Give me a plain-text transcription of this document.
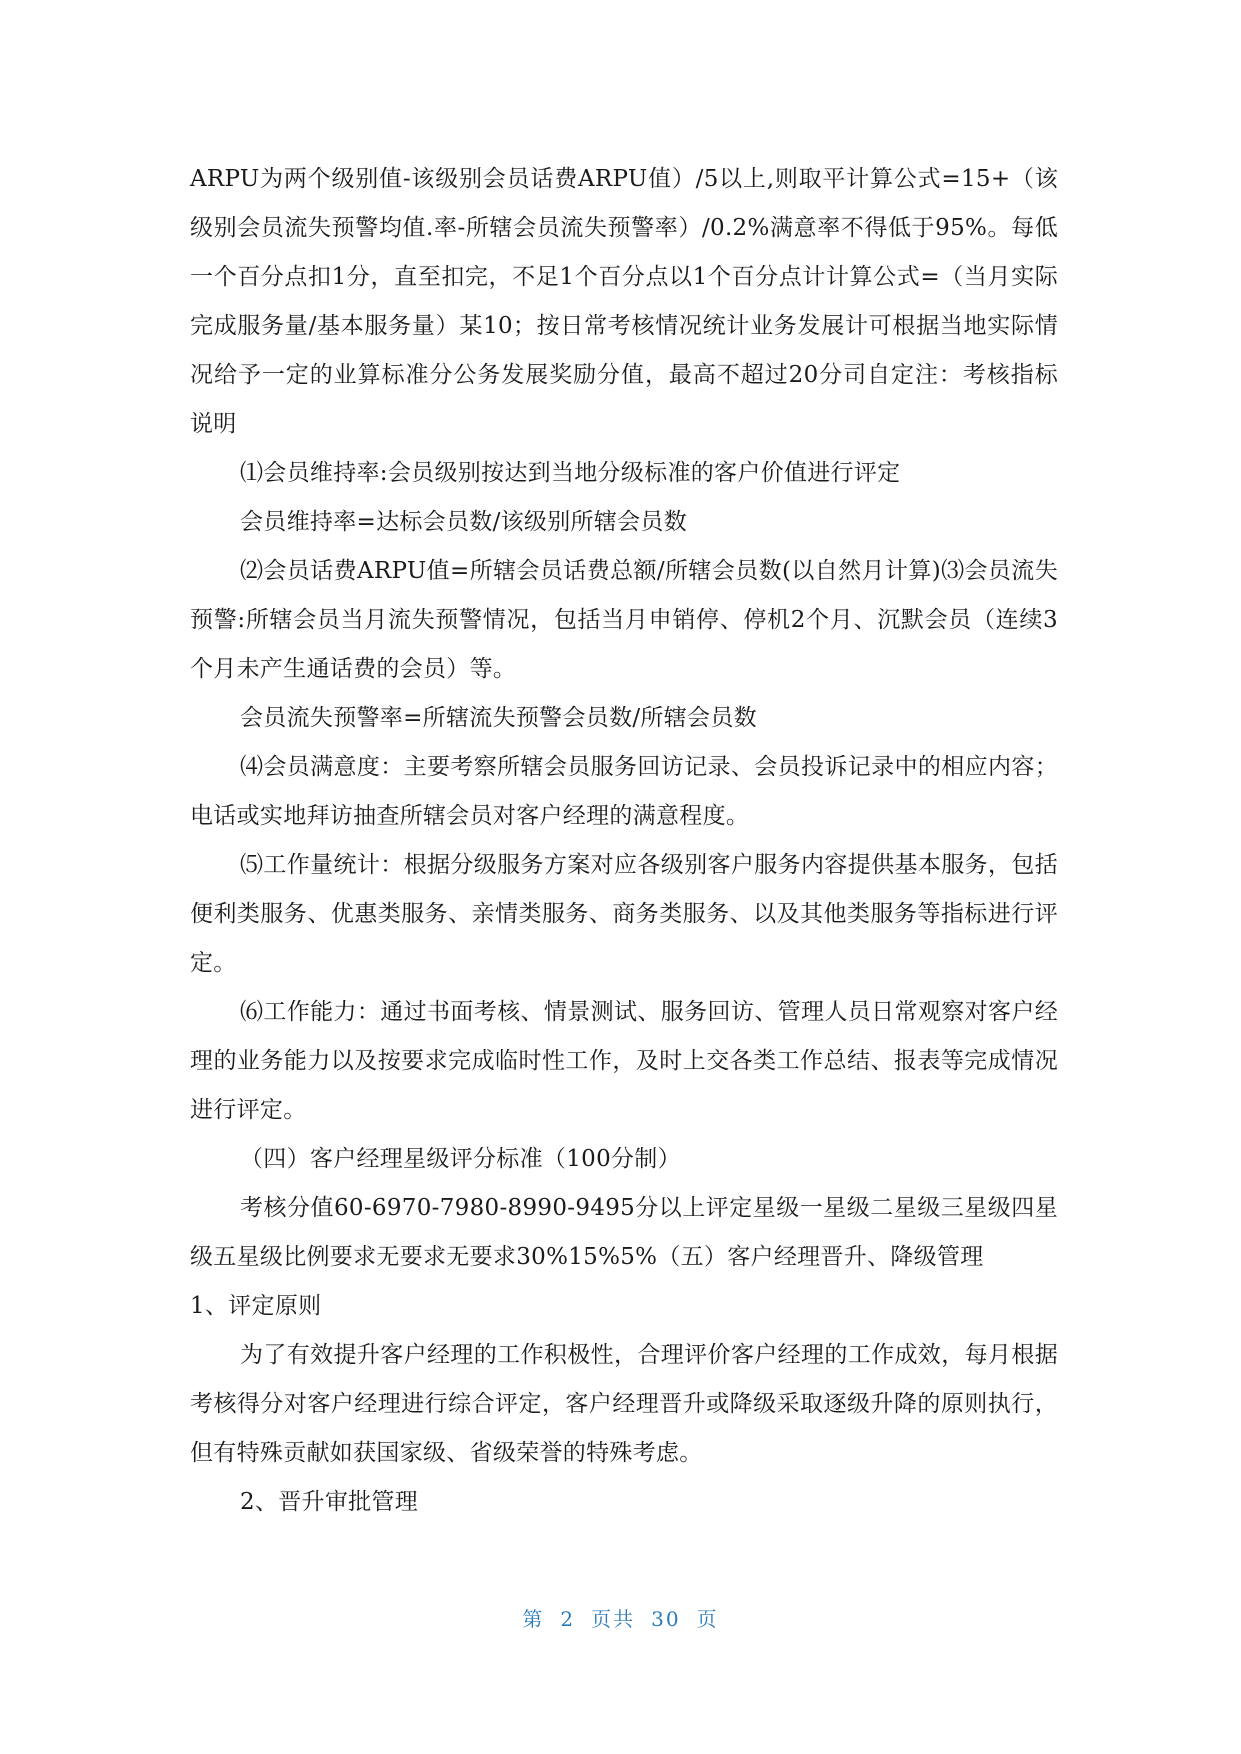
ARPU为两个级别值-该级别会员话费ARPU值）/5以上,则取平计算公式=15+（该级别会员流失预警均值.率-所辖会员流失预警率）/0.2%满意率不得低于95%。每低一个百分点扣1分，直至扣完，不足1个百分点以1个百分点计计算公式=（当月实际完成服务量/基本服务量）某10；按日常考核情况统计业务发展计可根据当地实际情况给予一定的业算标准分公务发展奖励分值，最高不超过20分司自定注：考核指标说明

⑴会员维持率:会员级别按达到当地分级标准的客户价值进行评定

会员维持率=达标会员数/该级别所辖会员数

⑵会员话费ARPU值=所辖会员话费总额/所辖会员数(以自然月计算)⑶会员流失预警:所辖会员当月流失预警情况，包括当月申销停、停机2个月、沉默会员（连续3个月未产生通话费的会员）等。

会员流失预警率=所辖流失预警会员数/所辖会员数

⑷会员满意度：主要考察所辖会员服务回访记录、会员投诉记录中的相应内容；电话或实地拜访抽查所辖会员对客户经理的满意程度。

⑸工作量统计：根据分级服务方案对应各级别客户服务内容提供基本服务，包括便利类服务、优惠类服务、亲情类服务、商务类服务、以及其他类服务等指标进行评定。

⑹工作能力：通过书面考核、情景测试、服务回访、管理人员日常观察对客户经理的业务能力以及按要求完成临时性工作，及时上交各类工作总结、报表等完成情况进行评定。

（四）客户经理星级评分标准（100分制）

考核分值60-6970-7980-8990-9495分以上评定星级一星级二星级三星级四星级五星级比例要求无要求无要求30%15%5%（五）客户经理晋升、降级管理

1、评定原则

为了有效提升客户经理的工作积极性，合理评价客户经理的工作成效，每月根据考核得分对客户经理进行综合评定，客户经理晋升或降级采取逐级升降的原则执行，但有特殊贡献如获国家级、省级荣誉的特殊考虑。

2、晋升审批管理

第 2 页共 30 页
